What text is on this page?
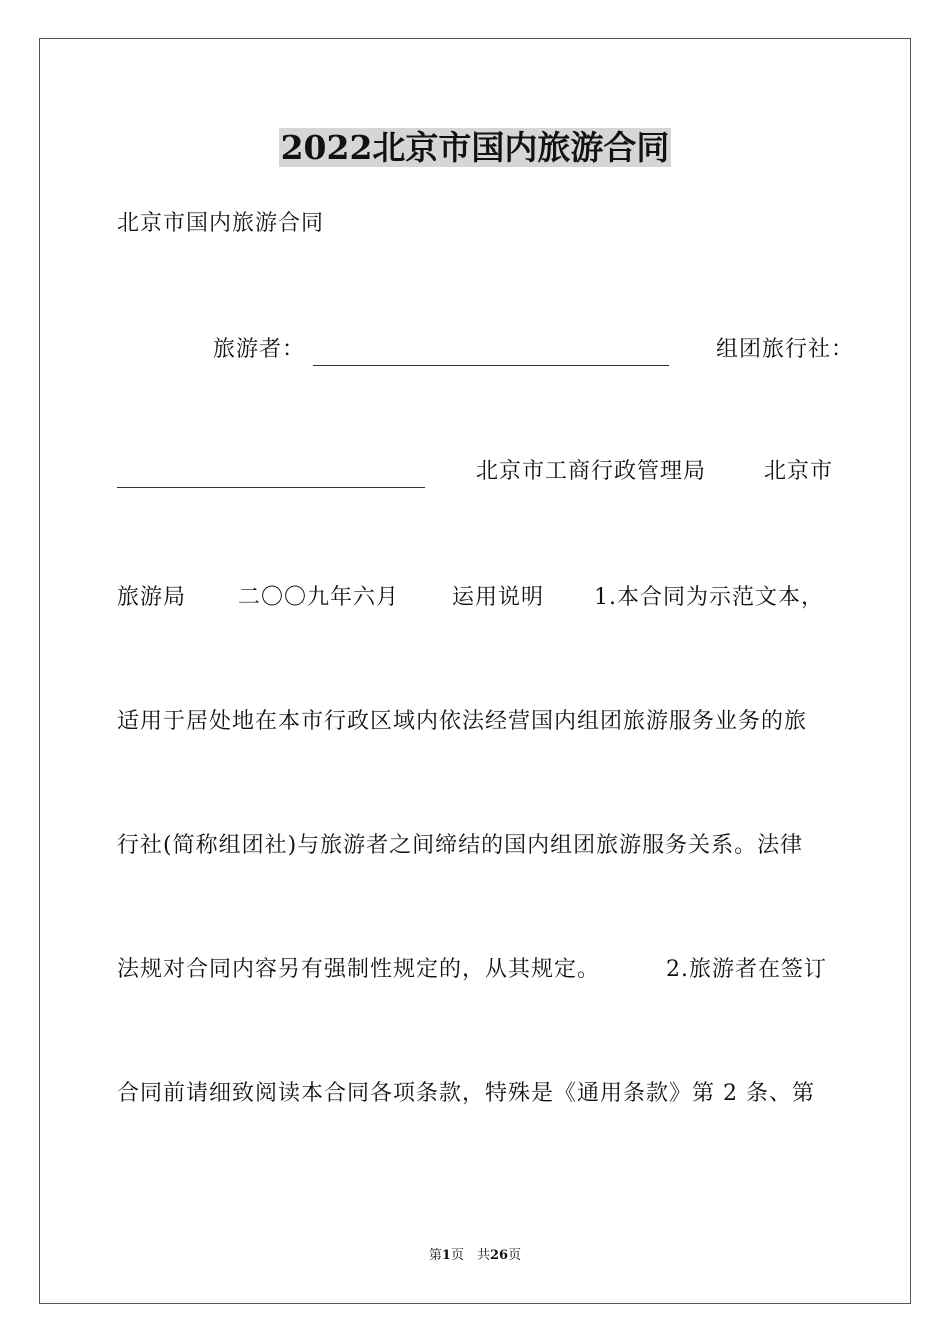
2022北京市国内旅游合同
北京市国内旅游合同
旅游者：	组团旅行社：
北京市工商行政管理局	北京市
旅游局 二〇〇九年六月 运用说明 1.本合同为示范文本，
适用于居处地在本市行政区域内依法经营国内组团旅游服务业务的旅
行社(简称组团社)与旅游者之间缔结的国内组团旅游服务关系。法律
法规对合同内容另有强制性规定的，从其规定。	2.旅游者在签订
合同前请细致阅读本合同各项条款，特殊是《通用条款》第 2 条、第
第1页　共26页
